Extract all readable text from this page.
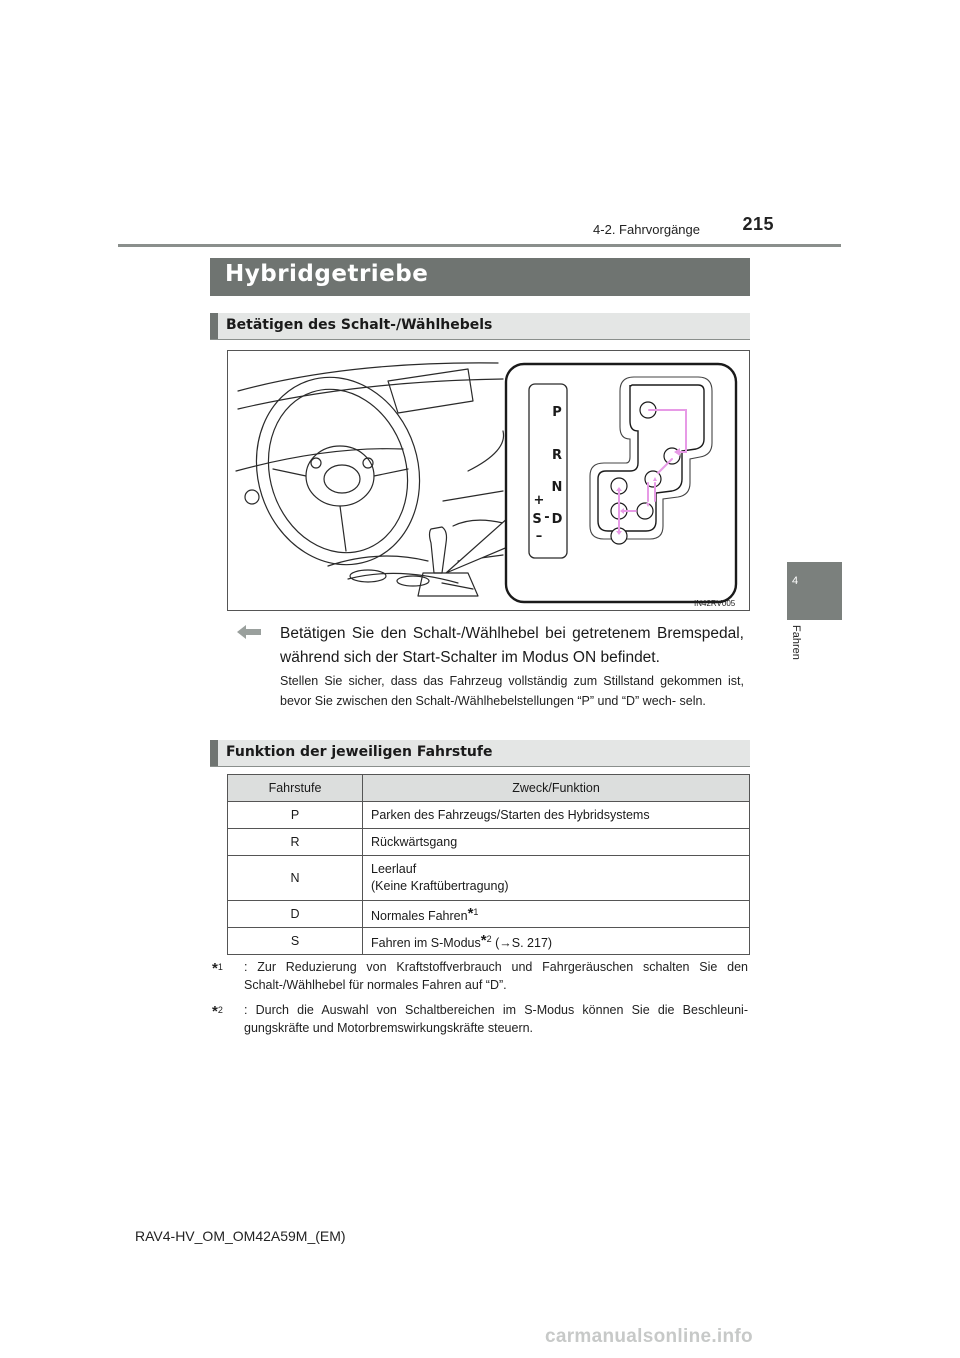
4-2. Fahrvorgänge	215
4
Fahren
Hybridgetriebe
Betätigen des Schalt-/Wählhebels
P
R
N
D
S
+
-
–
IN42RV005
Betätigen Sie den Schalt-/Wählhebel bei getretenem Bremspedal, während sich der Start-Schalter im Modus ON befindet.
Stellen Sie sicher, dass das Fahrzeug vollständig zum Stillstand gekommen ist, bevor Sie zwischen den Schalt-/Wählhebelstellungen “P” und “D” wech- seln.
Funktion der jeweiligen Fahrstufe
Fahrstufe	Zweck/Funktion
P	Parken des Fahrzeugs/Starten des Hybridsystems
R	Rückwärtsgang
N	Leerlauf
(Keine Kraftübertragung)
D	Normales Fahren*$^1$
S	Fahren im S-Modus*$^2$ (→S. 217)
*$^1$ : Zur Reduzierung von Kraftstoffverbrauch und Fahrgeräuschen schalten Sie den Schalt-/Wählhebel für normales Fahren auf “D”.
*$^2$ : Durch die Auswahl von Schaltbereichen im S-Modus können Sie die Beschleuni- gungskräfte und Motorbremswirkungskräfte steuern.
RAV4-HV_OM_OM42A59M_(EM)
carmanualsonline.info
